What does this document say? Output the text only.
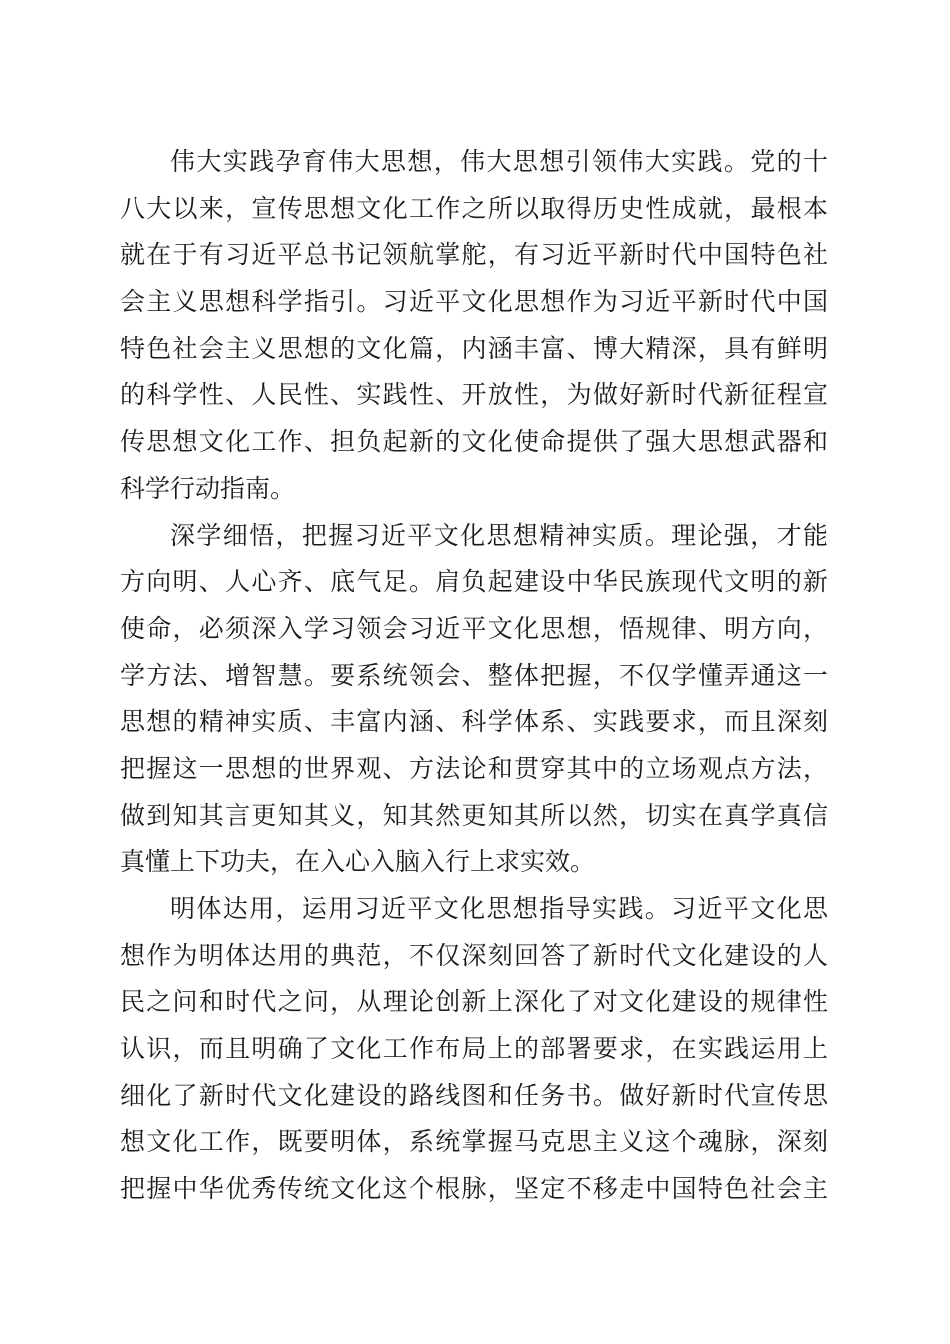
伟大实践孕育伟大思想，伟大思想引领伟大实践。党的十
八大以来，宣传思想文化工作之所以取得历史性成就，最根本
就在于有习近平总书记领航掌舵，有习近平新时代中国特色社
会主义思想科学指引。习近平文化思想作为习近平新时代中国
特色社会主义思想的文化篇，内涵丰富、博大精深，具有鲜明
的科学性、人民性、实践性、开放性，为做好新时代新征程宣
传思想文化工作、担负起新的文化使命提供了强大思想武器和
科学行动指南。
深学细悟，把握习近平文化思想精神实质。理论强，才能
方向明、人心齐、底气足。肩负起建设中华民族现代文明的新
使命，必须深入学习领会习近平文化思想，悟规律、明方向，
学方法、增智慧。要系统领会、整体把握，不仅学懂弄通这一
思想的精神实质、丰富内涵、科学体系、实践要求，而且深刻
把握这一思想的世界观、方法论和贯穿其中的立场观点方法，
做到知其言更知其义，知其然更知其所以然，切实在真学真信
真懂上下功夫，在入心入脑入行上求实效。
明体达用，运用习近平文化思想指导实践。习近平文化思
想作为明体达用的典范，不仅深刻回答了新时代文化建设的人
民之问和时代之问，从理论创新上深化了对文化建设的规律性
认识，而且明确了文化工作布局上的部署要求，在实践运用上
细化了新时代文化建设的路线图和任务书。做好新时代宣传思
想文化工作，既要明体，系统掌握马克思主义这个魂脉，深刻
把握中华优秀传统文化这个根脉，坚定不移走中国特色社会主
